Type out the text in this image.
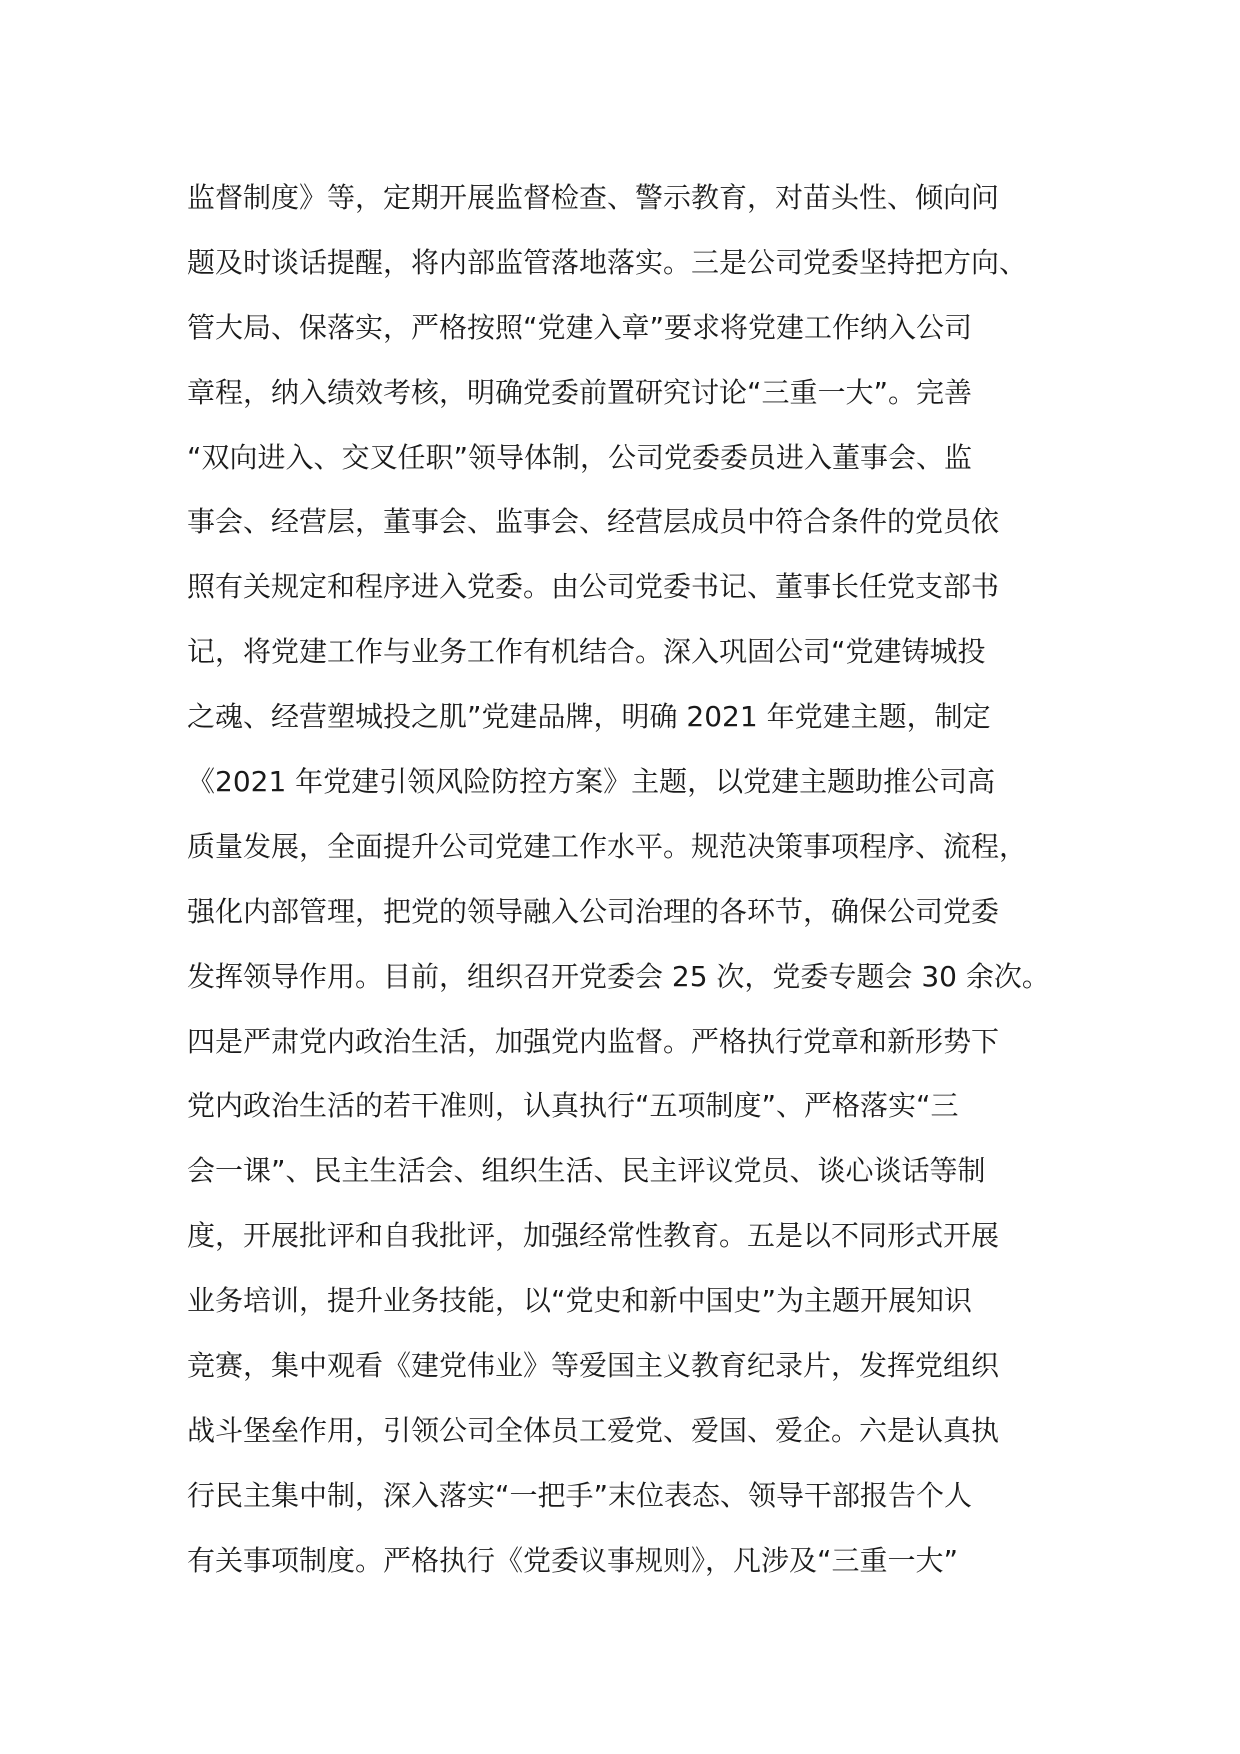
监督制度》等，定期开展监督检查、警示教育，对苗头性、倾向问
题及时谈话提醒，将内部监管落地落实。三是公司党委坚持把方向、
管大局、保落实，严格按照“党建入章”要求将党建工作纳入公司
章程，纳入绩效考核，明确党委前置研究讨论“三重一大”。完善
“双向进入、交叉任职”领导体制，公司党委委员进入董事会、监
事会、经营层，董事会、监事会、经营层成员中符合条件的党员依
照有关规定和程序进入党委。由公司党委书记、董事长任党支部书
记，将党建工作与业务工作有机结合。深入巩固公司“党建铸城投
之魂、经营塑城投之肌”党建品牌，明确 2021 年党建主题，制定
《2021 年党建引领风险防控方案》主题，以党建主题助推公司高
质量发展，全面提升公司党建工作水平。规范决策事项程序、流程，
强化内部管理，把党的领导融入公司治理的各环节，确保公司党委
发挥领导作用。目前，组织召开党委会 25 次，党委专题会 30 余次。
四是严肃党内政治生活，加强党内监督。严格执行党章和新形势下
党内政治生活的若干准则，认真执行“五项制度”、严格落实“三
会一课”、民主生活会、组织生活、民主评议党员、谈心谈话等制
度，开展批评和自我批评，加强经常性教育。五是以不同形式开展
业务培训，提升业务技能，以“党史和新中国史”为主题开展知识
竞赛，集中观看《建党伟业》等爱国主义教育纪录片，发挥党组织
战斗堡垒作用，引领公司全体员工爱党、爱国、爱企。六是认真执
行民主集中制，深入落实“一把手”末位表态、领导干部报告个人
有关事项制度。严格执行《党委议事规则》，凡涉及“三重一大”
